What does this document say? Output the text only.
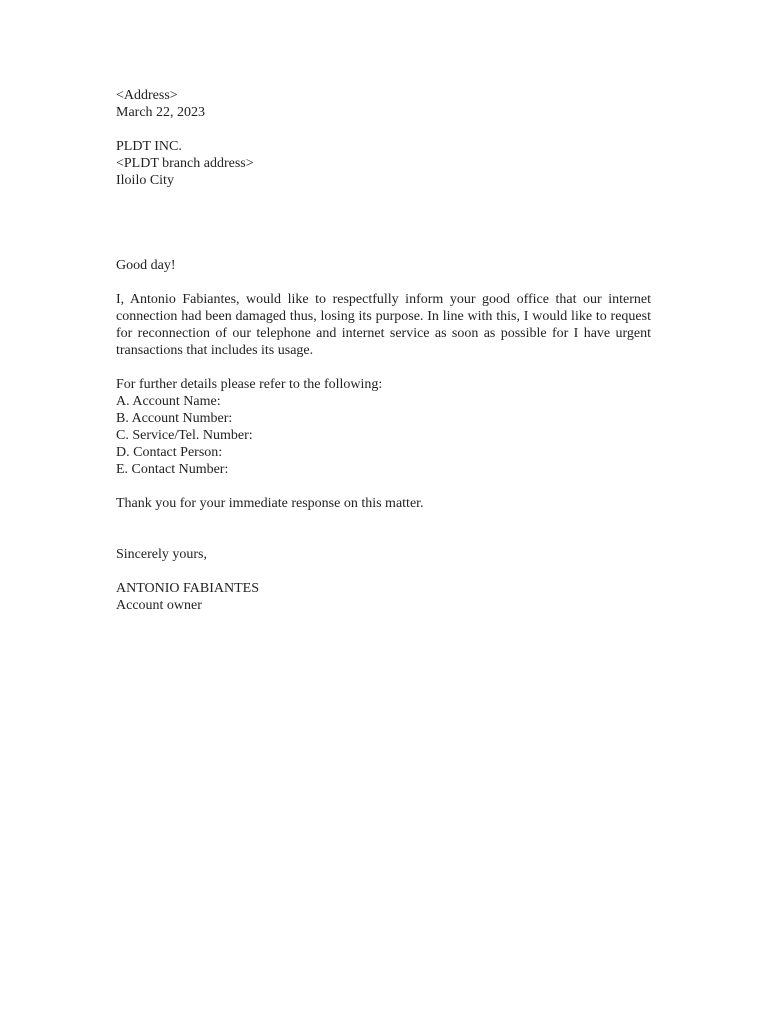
<Address>
March 22, 2023
PLDT INC.
<PLDT branch address>
Iloilo City
Good day!

I, Antonio Fabiantes, would like to respectfully inform your good office that our internet connection had been damaged thus, losing its purpose. In line with this, I would like to request for reconnection of our telephone and internet service as soon as possible for I have urgent transactions that includes its usage.

For further details please refer to the following:
A. Account Name:
B. Account Number:
C. Service/Tel. Number:
D. Contact Person:
E. Contact Number:
Thank you for your immediate response on this matter.
Sincerely yours,
ANTONIO FABIANTES
Account owner
